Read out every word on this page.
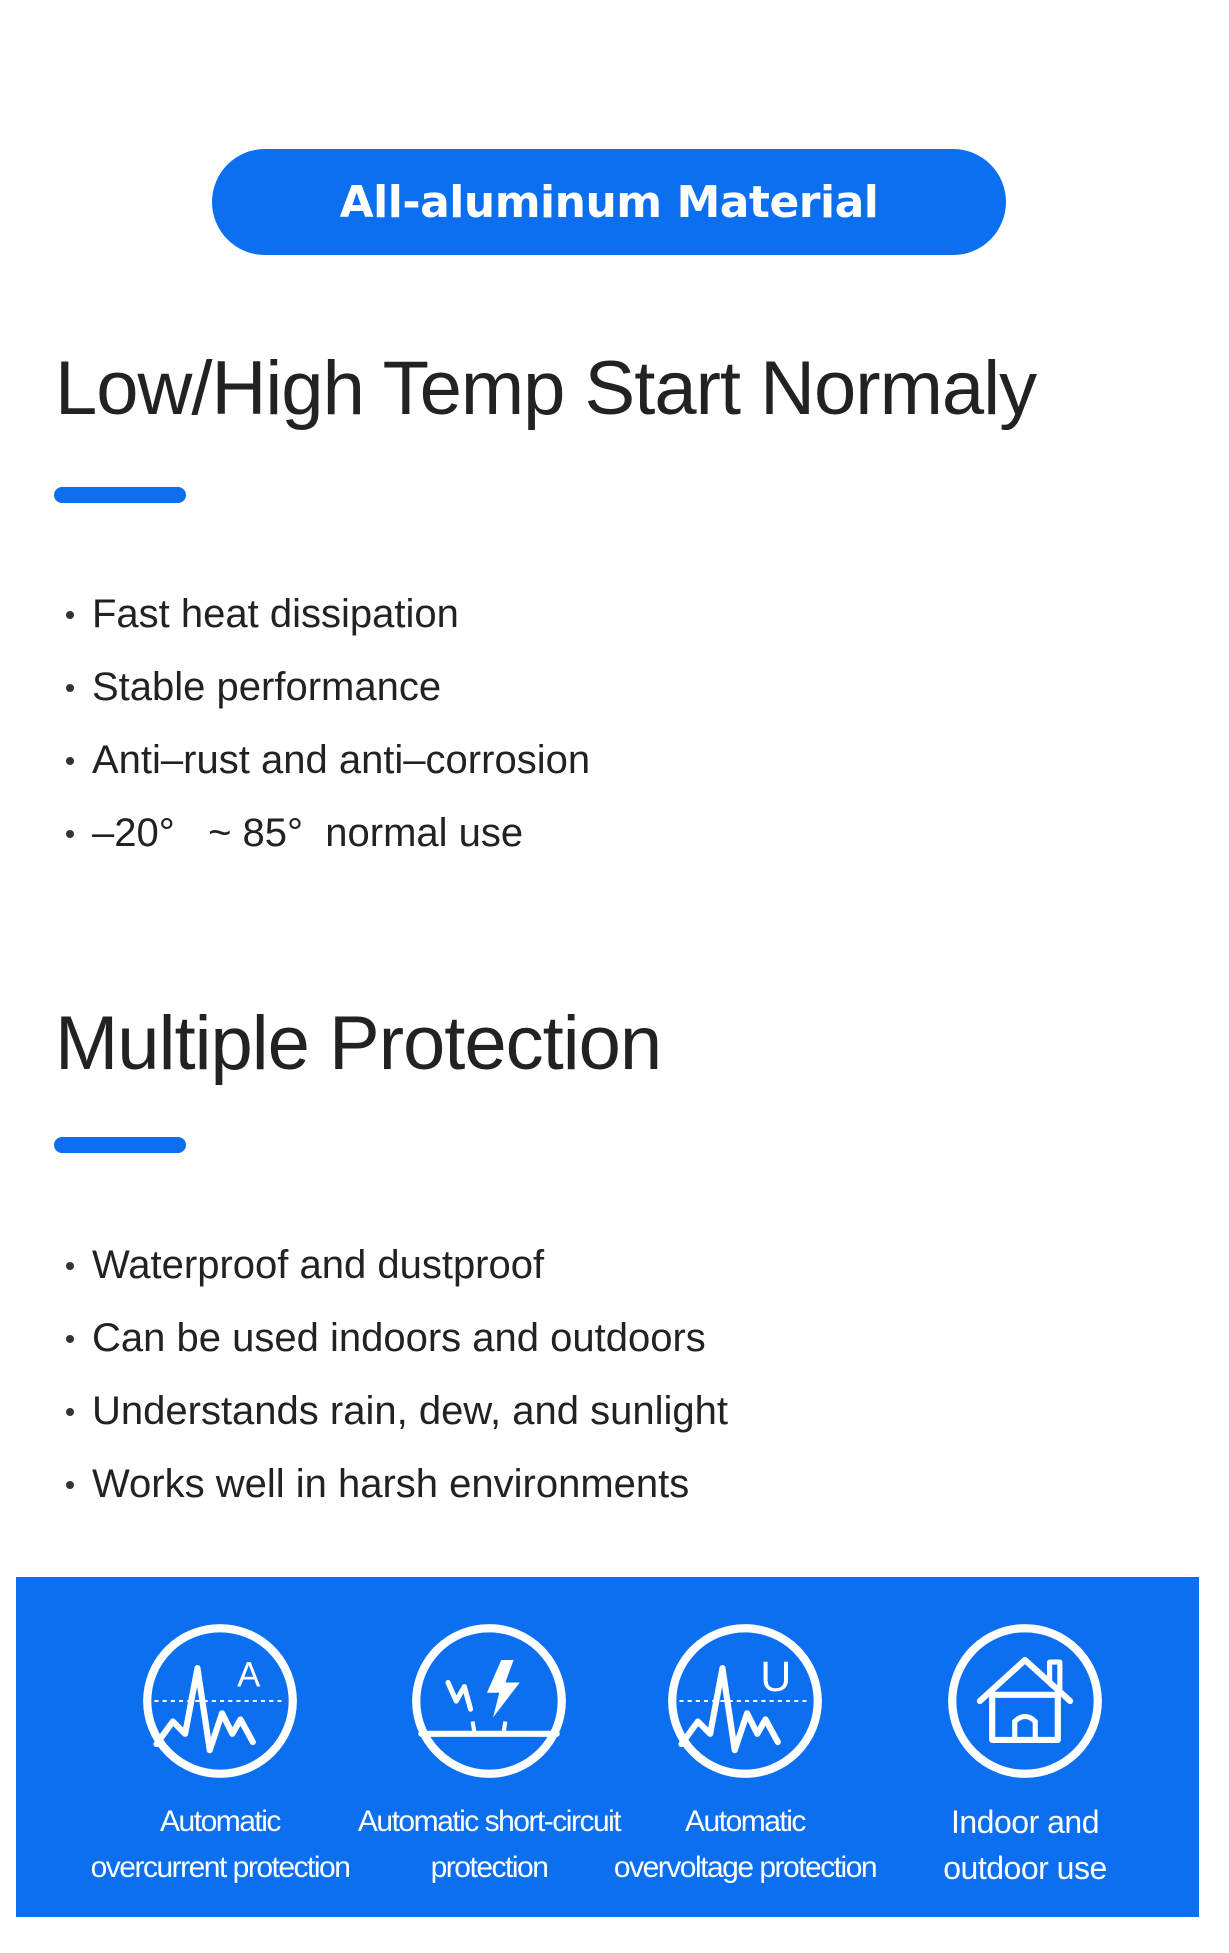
All-aluminum Material
Low/High Temp Start Normaly
Fast heat dissipation
Stable performance
Anti–rust and anti–corrosion
–20°   ~ 85°  normal use
Multiple Protection
Waterproof and dustproof
Can be used indoors and outdoors
Understands rain, dew, and sunlight
Works well in harsh environments
A
Automatic
overcurrent protection
Automatic short-circuit
protection
U
Automatic
overvoltage protection
Indoor and
outdoor use
